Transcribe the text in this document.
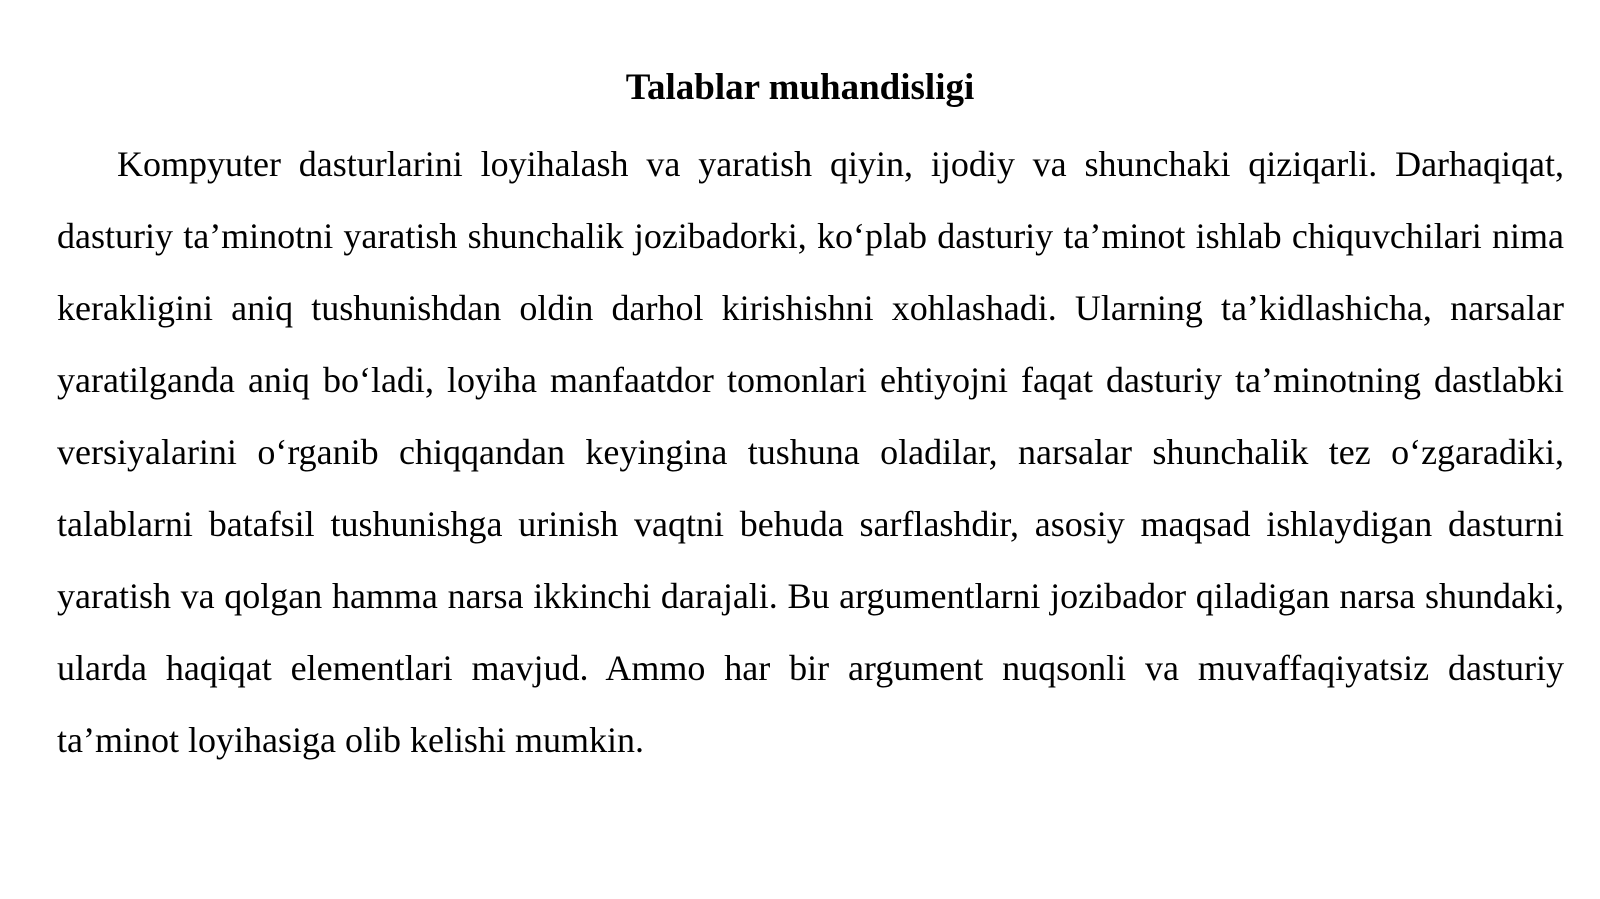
Talablar muhandisligi

Kompyuter dasturlarini loyihalash va yaratish qiyin, ijodiy va shunchaki qiziqarli. Darhaqiqat, dasturiy ta’minotni yaratish shunchalik jozibadorki, ko‘plab dasturiy ta’minot ishlab chiquvchilari nima kerakligini aniq tushunishdan oldin darhol kirishishni xohlashadi. Ularning ta’kidlashicha, narsalar yaratilganda aniq bo‘ladi, loyiha manfaatdor tomonlari ehtiyojni faqat dasturiy ta’minotning dastlabki versiyalarini o‘rganib chiqqandan keyingina tushuna oladilar, narsalar shunchalik tez o‘zgaradiki, talablarni batafsil tushunishga urinish vaqtni behuda sarflashdir, asosiy maqsad ishlaydigan dasturni yaratish va qolgan hamma narsa ikkinchi darajali. Bu argumentlarni jozibador qiladigan narsa shundaki, ularda haqiqat elementlari mavjud. Ammo har bir argument nuqsonli va muvaffaqiyatsiz dasturiy ta’minot loyihasiga olib kelishi mumkin.
